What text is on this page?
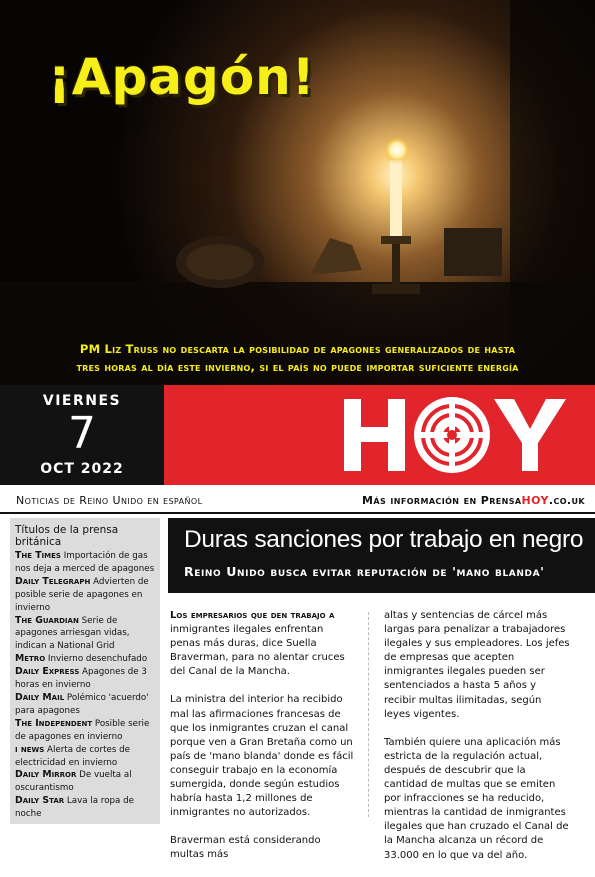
¡Apagón!
PM Liz Truss no descarta la posibilidad de apagones generalizados de hasta
tres horas al día este invierno, si el país no puede importar suficiente energía
VIERNES
7
OCT 2022
Noticias de Reino Unido en español	Más información en PrensaHOY.co.uk
Títulos de la prensa británica
The Times Importación de gas nos deja a merced de apagones
Daily Telegraph Advierten de posible serie de apagones en invierno
The Guardian Serie de apagones arriesgan vidas, indican a National Grid
Metro Invierno desenchufado
Daily Express Apagones de 3 horas en invierno
Daily Mail Polémico 'acuerdo' para apagones
The Independent Posible serie de apagones en invierno
i news Alerta de cortes de electricidad en invierno
Daily Mirror De vuelta al oscurantismo
Daily Star Lava la ropa de noche
Duras sanciones por trabajo en negro
Reino Unido busca evitar reputación de 'mano blanda'

Los empresarios que den trabajo a inmigrantes ilegales enfrentan penas más duras, dice Suella Braverman, para no alentar cruces del Canal de la Mancha.

La ministra del interior ha recibido mal las afirmaciones francesas de que los inmigrantes cruzan el canal porque ven a Gran Bretaña como un país de 'mano blanda' donde es fácil conseguir trabajo en la economía sumergida, donde según estudios habría hasta 1,2 millones de inmigrantes no autorizados.

Braverman está considerando multas más

altas y sentencias de cárcel más largas para penalizar a trabajadores ilegales y sus empleadores. Los jefes de empresas que acepten inmigrantes ilegales pueden ser sentenciados a hasta 5 años y recibir multas ilimitadas, según leyes vigentes.

También quiere una aplicación más estricta de la regulación actual, después de descubrir que la cantidad de multas que se emiten por infracciones se ha reducido, mientras la cantidad de inmigrantes ilegales que han cruzado el Canal de la Mancha alcanza un récord de 33.000 en lo que va del año.
